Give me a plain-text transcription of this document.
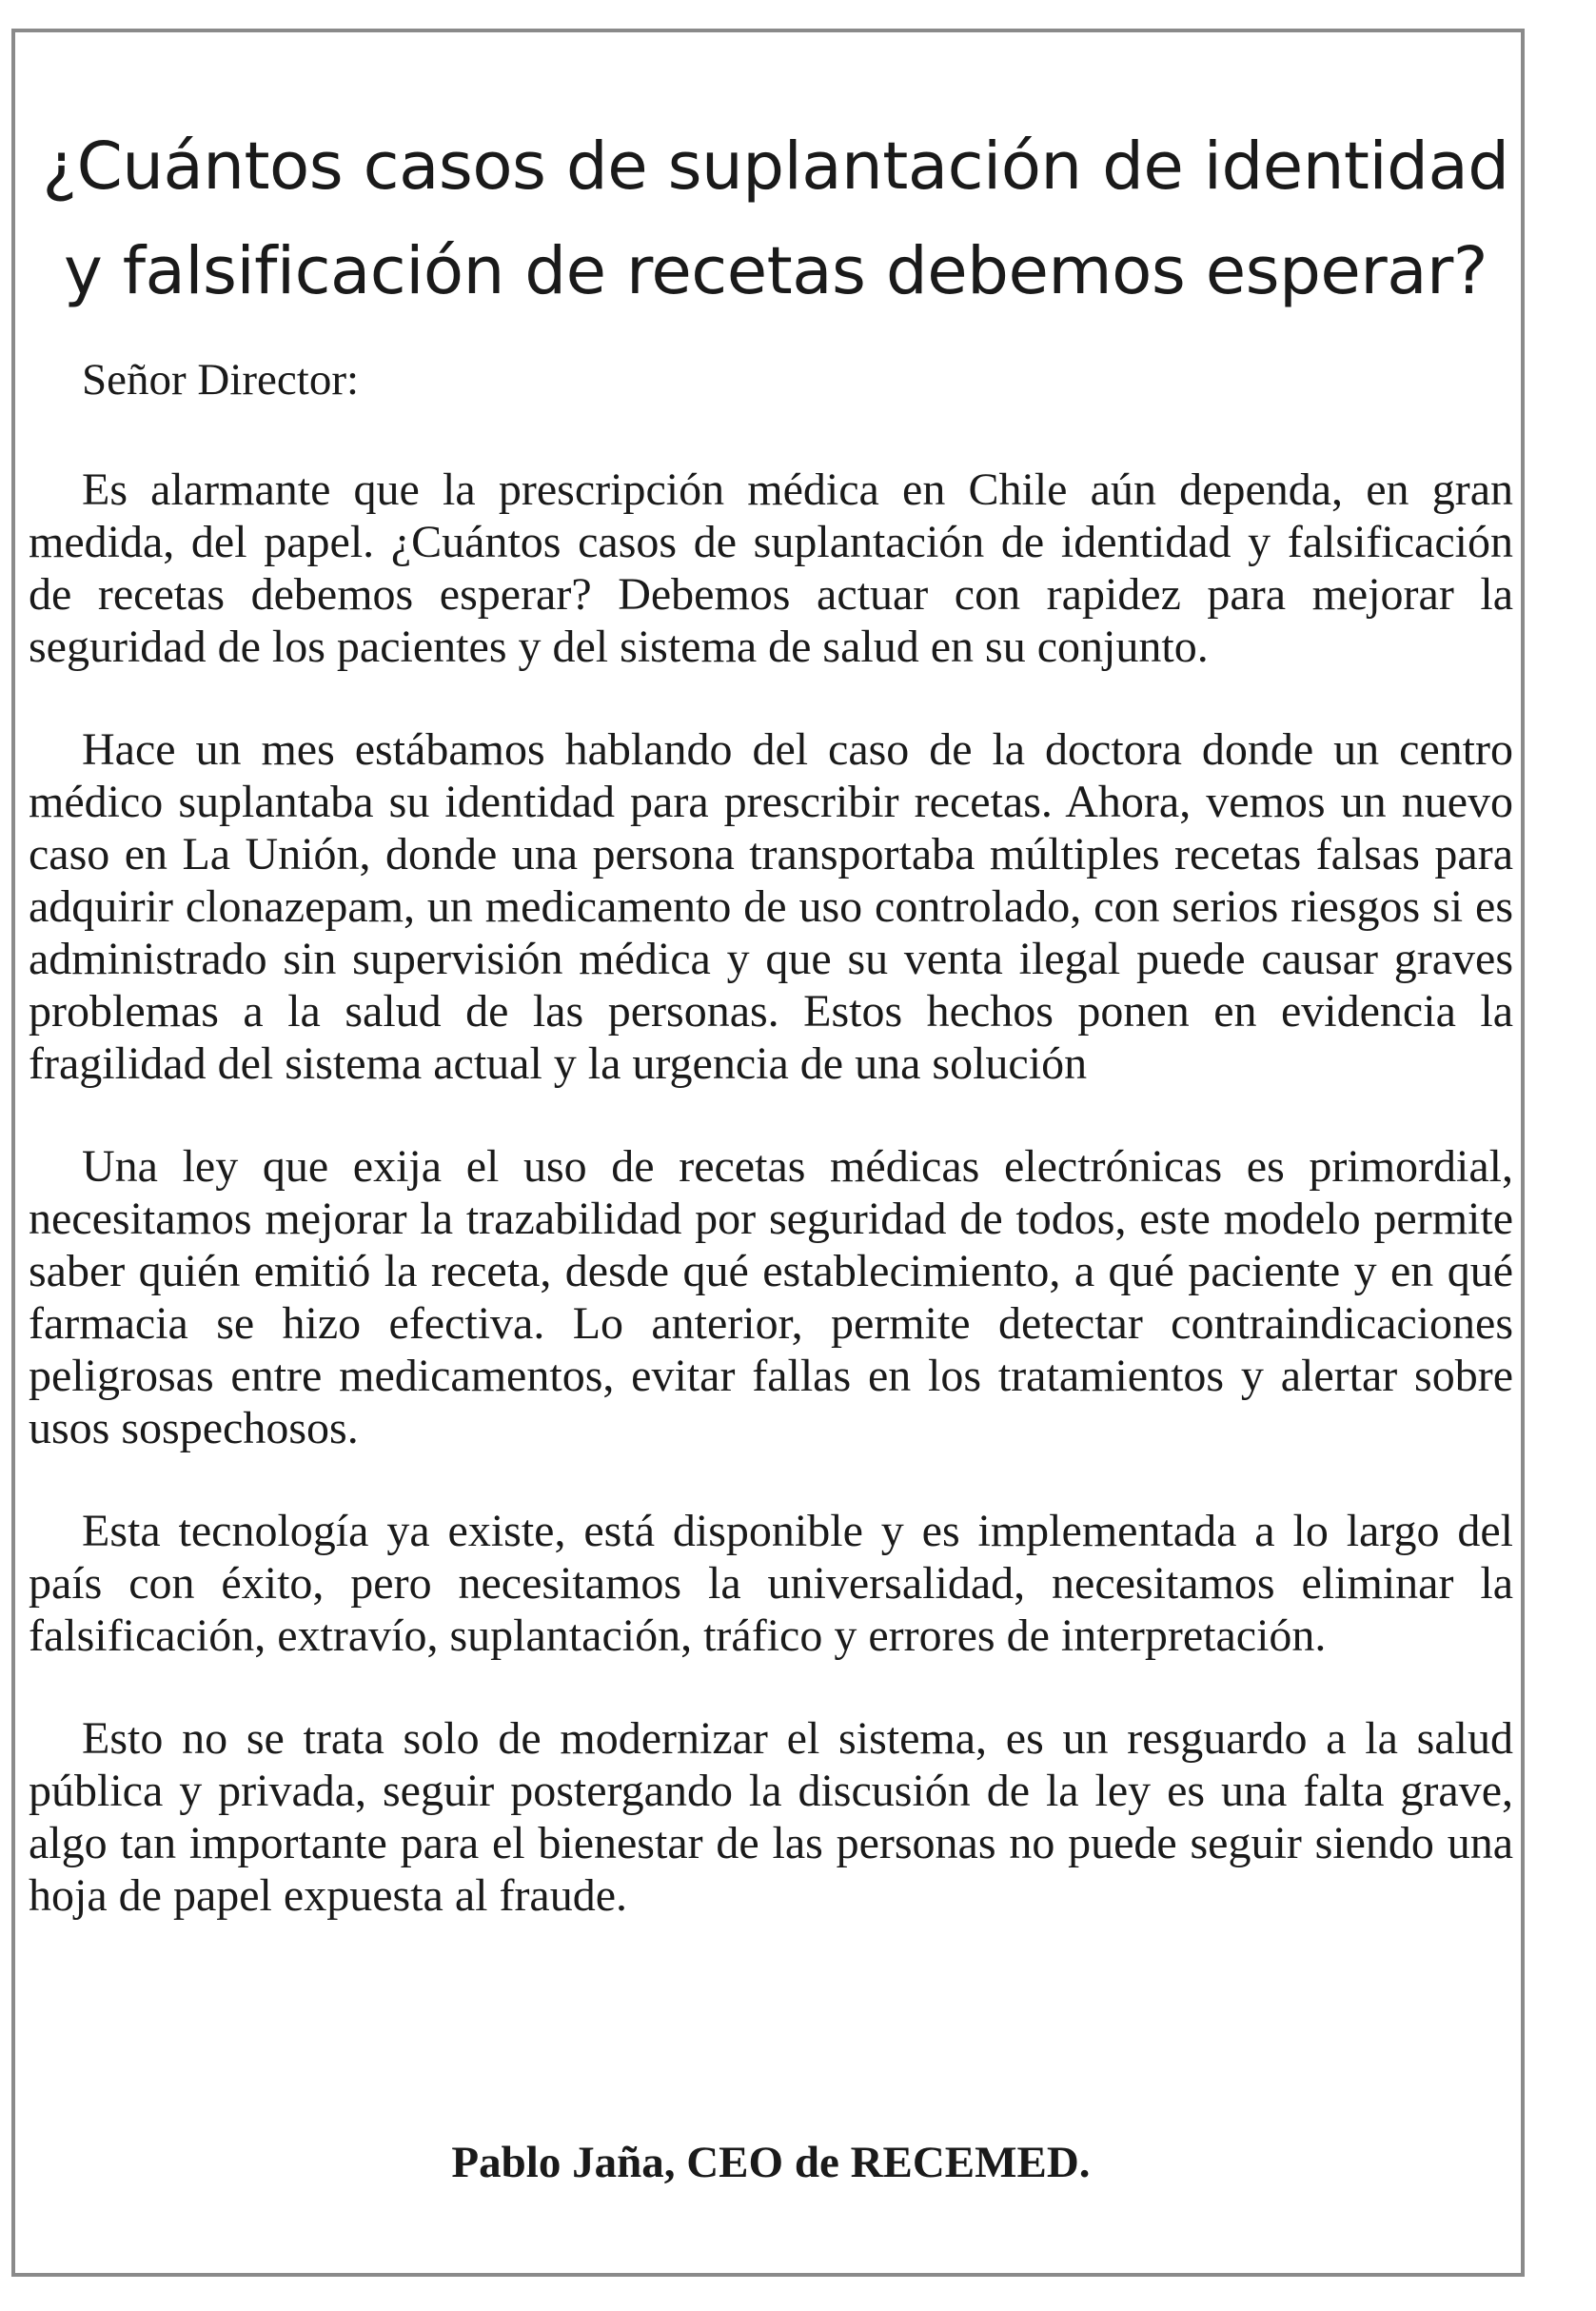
¿Cuántos casos de suplantación de identidad
y falsificación de recetas debemos esperar?

Señor Director:

Es alarmante que la prescripción médica en Chile aún dependa, en gran medida, del papel. ¿Cuántos casos de suplantación de identidad y falsificación de recetas debemos esperar? Debemos actuar con rapidez para mejorar la seguridad de los pacientes y del sistema de salud en su conjunto.

Hace un mes estábamos hablando del caso de la doctora donde un centro médico suplantaba su identidad para prescribir recetas. Ahora, vemos un nuevo caso en La Unión, donde una persona transportaba múltiples recetas falsas para adquirir clonazepam, un medicamento de uso controlado, con serios riesgos si es administrado sin supervisión médica y que su venta ilegal puede causar graves problemas a la salud de las personas. Estos hechos ponen en evidencia la fragilidad del sistema actual y la urgencia de una solución

Una ley que exija el uso de recetas médicas electrónicas es primordial, necesitamos mejorar la trazabilidad por seguridad de todos, este modelo permite saber quién emitió la receta, desde qué establecimiento, a qué paciente y en qué farmacia se hizo efectiva. Lo anterior, permite detectar contraindicaciones peligrosas entre medicamentos, evitar fallas en los tratamientos y alertar sobre usos sospechosos.

Esta tecnología ya existe, está disponible y es implementada a lo largo del país con éxito, pero necesitamos la universalidad, necesitamos eliminar la falsificación, extravío, suplantación, tráfico y errores de interpretación.

Esto no se trata solo de modernizar el sistema, es un resguardo a la salud pública y privada, seguir postergando la discusión de la ley es una falta grave, algo tan importante para el bienestar de las personas no puede seguir siendo una hoja de papel expuesta al fraude.

Pablo Jaña, CEO de RECEMED.
